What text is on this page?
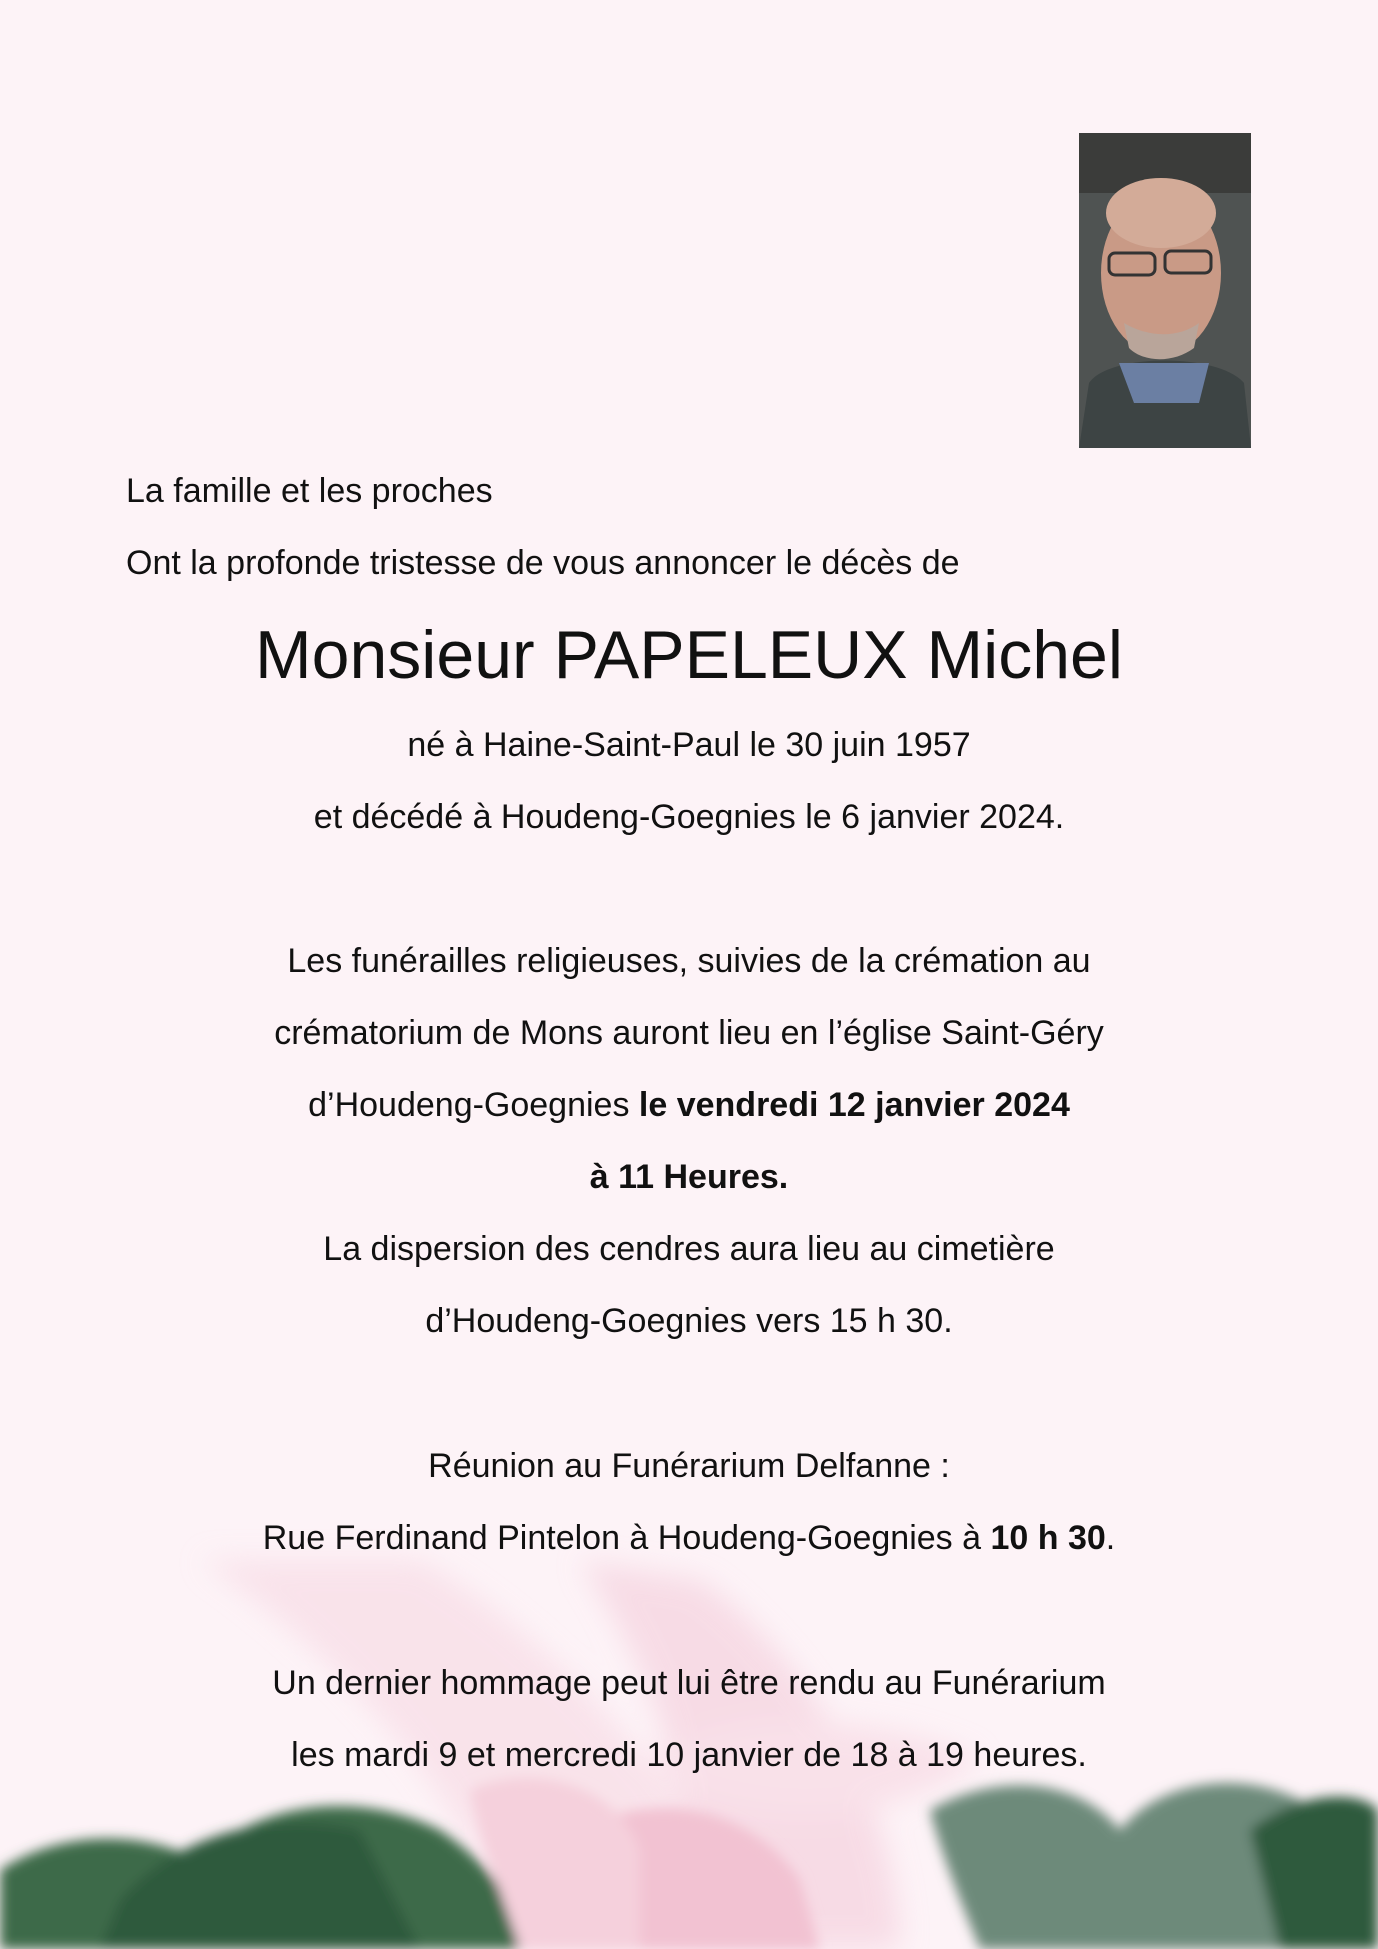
La famille et les proches
Ont la profonde tristesse de vous annoncer le décès de
Monsieur PAPELEUX Michel
né à Haine-Saint-Paul le 30 juin 1957
et décédé à Houdeng-Goegnies le 6 janvier 2024.
Les funérailles religieuses, suivies de la crémation au
crématorium de Mons auront lieu en l’église Saint-Géry
d’Houdeng-Goegnies le vendredi 12 janvier 2024
à 11 Heures.
La dispersion des cendres aura lieu au cimetière
d’Houdeng-Goegnies vers 15 h 30.
Réunion au Funérarium Delfanne :
Rue Ferdinand Pintelon à Houdeng-Goegnies à 10 h 30.
Un dernier hommage peut lui être rendu au Funérarium
les mardi 9 et mercredi 10 janvier de 18 à 19 heures.
